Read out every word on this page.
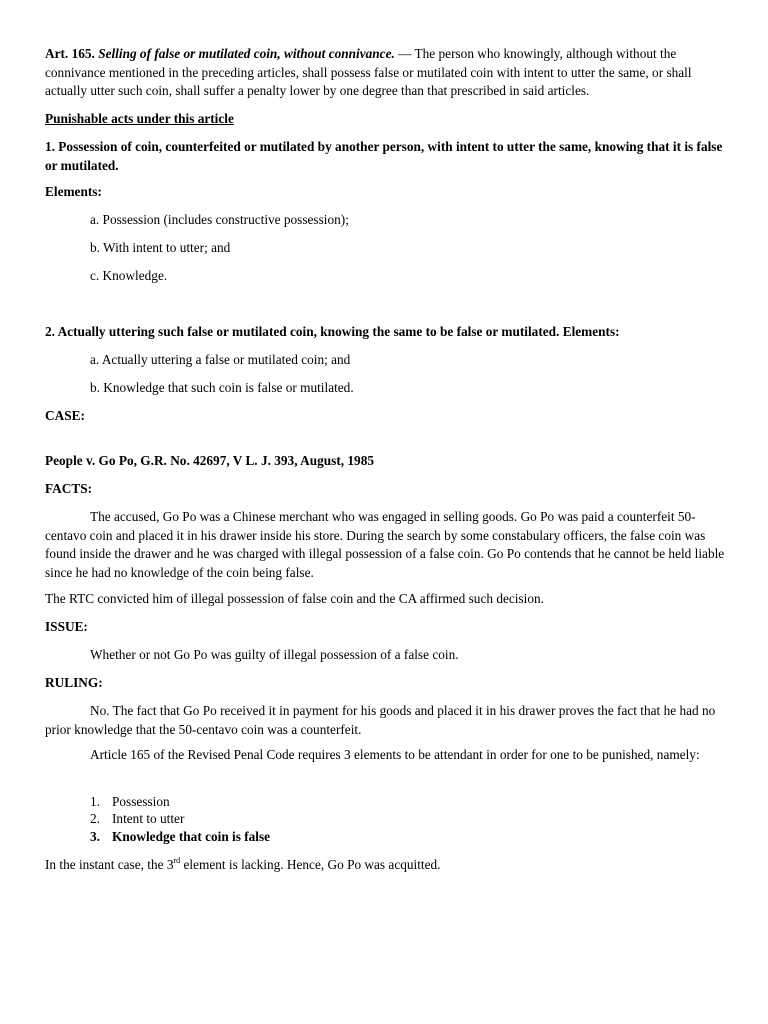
Art. 165. Selling of false or mutilated coin, without connivance. — The person who knowingly, although without the connivance mentioned in the preceding articles, shall possess false or mutilated coin with intent to utter the same, or shall actually utter such coin, shall suffer a penalty lower by one degree than that prescribed in said articles.
Punishable acts under this article
1. Possession of coin, counterfeited or mutilated by another person, with intent to utter the same, knowing that it is false or mutilated.
Elements:
a. Possession (includes constructive possession);
b. With intent to utter; and
c. Knowledge.
2. Actually uttering such false or mutilated coin, knowing the same to be false or mutilated. Elements:
a. Actually uttering a false or mutilated coin; and
b. Knowledge that such coin is false or mutilated.
CASE:
People v. Go Po, G.R. No. 42697, V L. J. 393, August, 1985
FACTS:
The accused, Go Po was a Chinese merchant who was engaged in selling goods. Go Po was paid a counterfeit 50-centavo coin and placed it in his drawer inside his store. During the search by some constabulary officers, the false coin was found inside the drawer and he was charged with illegal possession of a false coin. Go Po contends that he cannot be held liable since he had no knowledge of the coin being false.
The RTC convicted him of illegal possession of false coin and the CA affirmed such decision.
ISSUE:
Whether or not Go Po was guilty of illegal possession of a false coin.
RULING:
No. The fact that Go Po received it in payment for his goods and placed it in his drawer proves the fact that he had no prior knowledge that the 50-centavo coin was a counterfeit.
Article 165 of the Revised Penal Code requires 3 elements to be attendant in order for one to be punished, namely:
1. Possession
2. Intent to utter
3. Knowledge that coin is false
In the instant case, the 3rd element is lacking. Hence, Go Po was acquitted.
